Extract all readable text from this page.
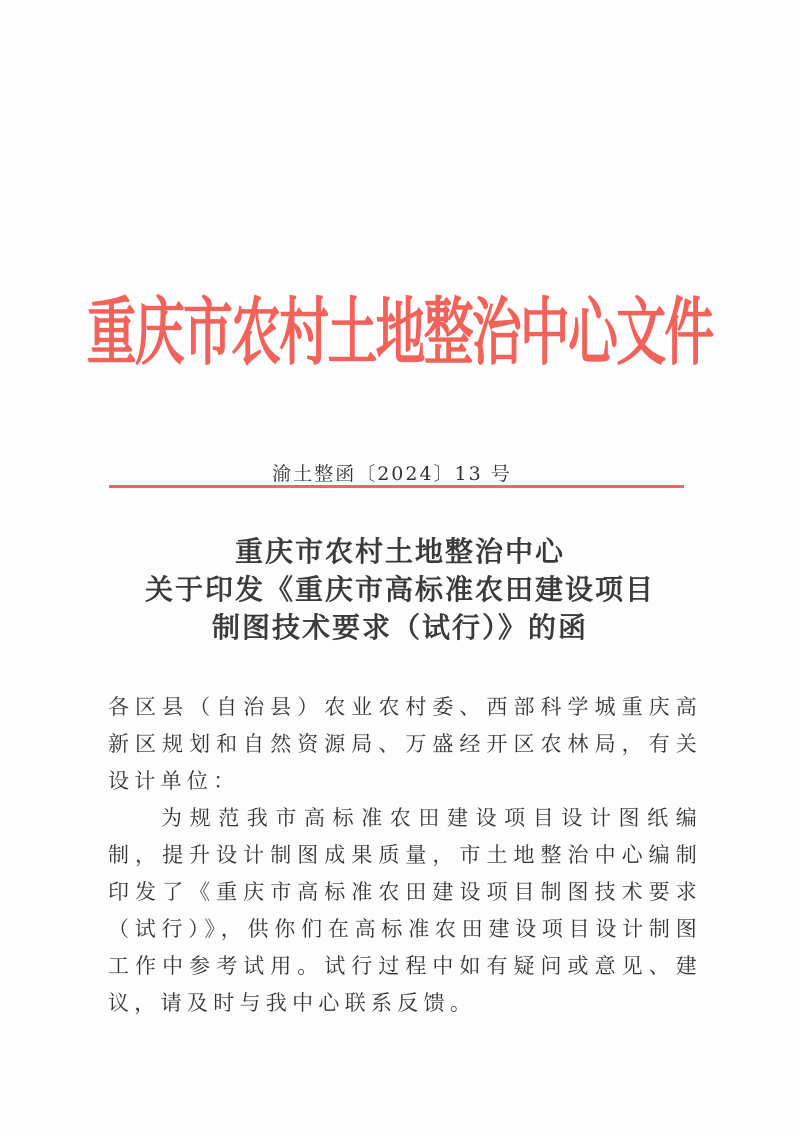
重庆市农村土地整治中心文件
渝土整函〔2024〕13 号
重庆市农村土地整治中心
关于印发《重庆市高标准农田建设项目
制图技术要求（试行）》的函

各区县（自治县）农业农村委、西部科学城重庆高新区规划和自然资源局、万盛经开区农林局，有关设计单位：

为规范我市高标准农田建设项目设计图纸编制，提升设计制图成果质量，市土地整治中心编制印发了《重庆市高标准农田建设项目制图技术要求（试行）》，供你们在高标准农田建设项目设计制图工作中参考试用。试行过程中如有疑问或意见、建议，请及时与我中心联系反馈。
